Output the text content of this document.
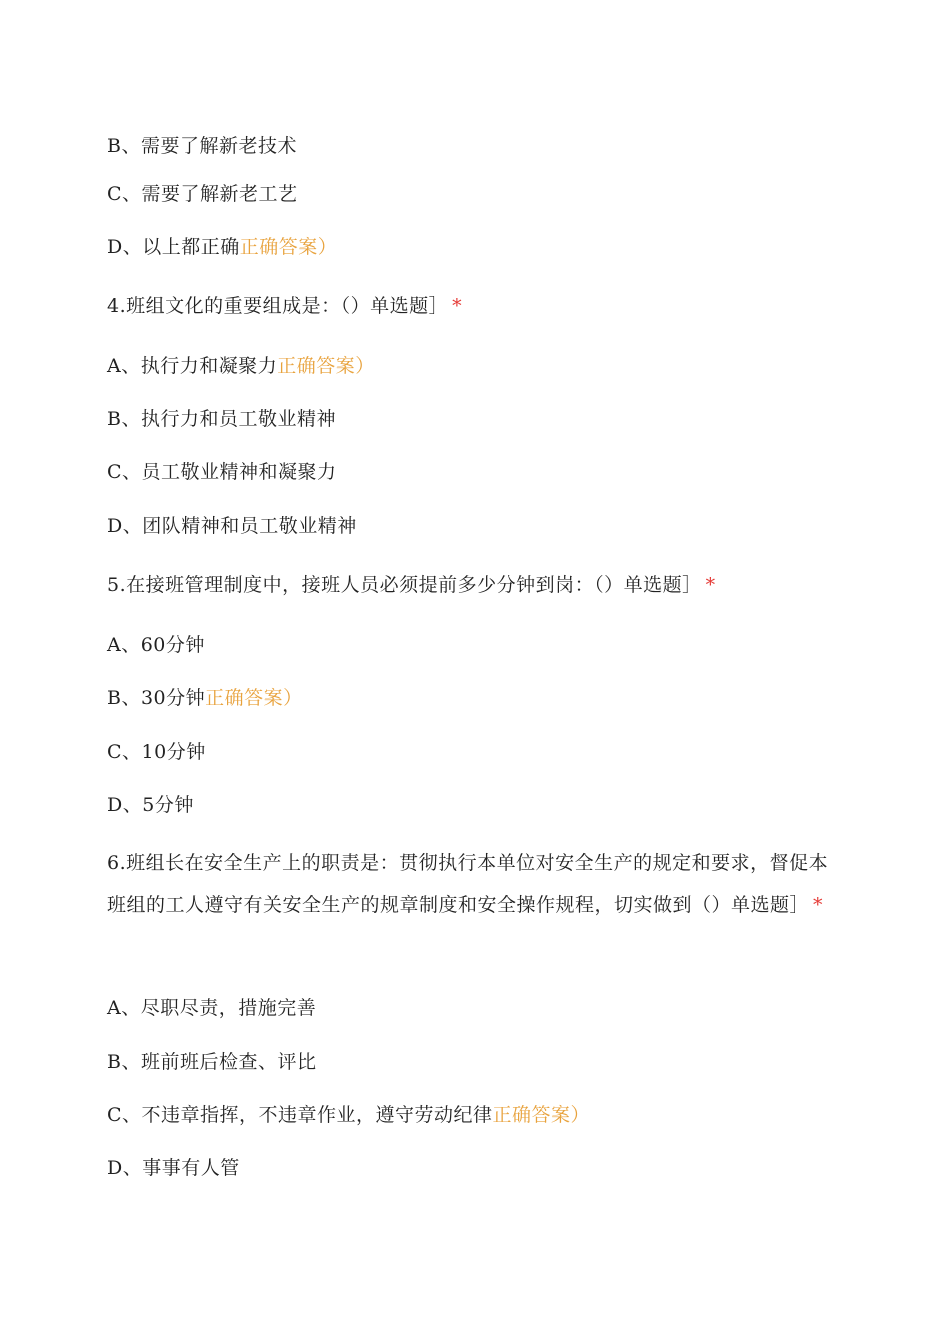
B、需要了解新老技术
C、需要了解新老工艺
D、以上都正确正确答案）
4.班组文化的重要组成是：（）单选题］ *
A、执行力和凝聚力正确答案）
B、执行力和员工敬业精神
C、员工敬业精神和凝聚力
D、团队精神和员工敬业精神
5.在接班管理制度中，接班人员必须提前多少分钟到岗：（）单选题］ *
A、60分钟
B、30分钟正确答案）
C、10分钟
D、5分钟
6.班组长在安全生产上的职责是：贯彻执行本单位对安全生产的规定和要求，督促本班组的工人遵守有关安全生产的规章制度和安全操作规程，切实做到（）单选题］ *
A、尽职尽责，措施完善
B、班前班后检查、评比
C、不违章指挥，不违章作业，遵守劳动纪律正确答案）
D、事事有人管
